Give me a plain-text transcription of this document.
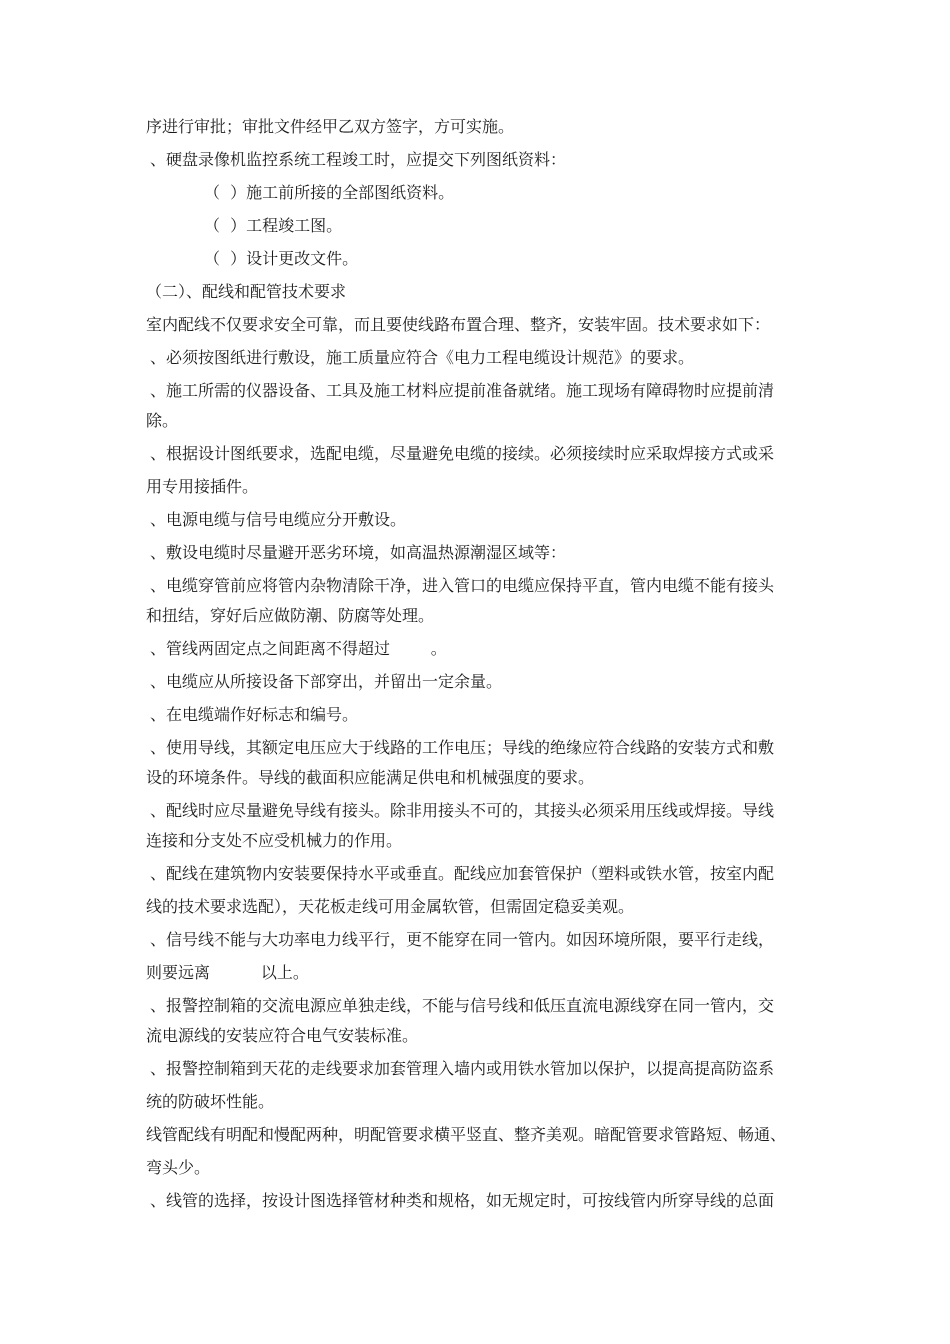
序进行审批；审批文件经甲乙双方签字，方可实施。
、硬盘录像机监控系统工程竣工时，应提交下列图纸资料：
（  ）施工前所接的全部图纸资料。
（  ）工程竣工图。
（  ）设计更改文件。
（二）、配线和配管技术要求
室内配线不仅要求安全可靠，而且要使线路布置合理、整齐，安装牢固。技术要求如下：
、必须按图纸进行敷设，施工质量应符合《电力工程电缆设计规范》的要求。
、施工所需的仪器设备、工具及施工材料应提前准备就绪。施工现场有障碍物时应提前清
除。
、根据设计图纸要求，选配电缆，尽量避免电缆的接续。必须接续时应采取焊接方式或采
用专用接插件。
、电源电缆与信号电缆应分开敷设。
、敷设电缆时尽量避开恶劣环境，如高温热源潮湿区域等：
、电缆穿管前应将管内杂物清除干净，进入管口的电缆应保持平直，管内电缆不能有接头
和扭结，穿好后应做防潮、防腐等处理。
、管线两固定点之间距离不得超过        。
、电缆应从所接设备下部穿出，并留出一定余量。
、在电缆端作好标志和编号。
、使用导线，其额定电压应大于线路的工作电压；导线的绝缘应符合线路的安装方式和敷
设的环境条件。导线的截面积应能满足供电和机械强度的要求。
、配线时应尽量避免导线有接头。除非用接头不可的，其接头必须采用压线或焊接。导线
连接和分支处不应受机械力的作用。
、配线在建筑物内安装要保持水平或垂直。配线应加套管保护（塑料或铁水管，按室内配
线的技术要求选配），天花板走线可用金属软管，但需固定稳妥美观。
、信号线不能与大功率电力线平行，更不能穿在同一管内。如因环境所限，要平行走线，
则要远离          以上。
、报警控制箱的交流电源应单独走线，不能与信号线和低压直流电源线穿在同一管内，交
流电源线的安装应符合电气安装标准。
、报警控制箱到天花的走线要求加套管理入墙内或用铁水管加以保护，以提高提高防盗系
统的防破坏性能。
线管配线有明配和慢配两种，明配管要求横平竖直、整齐美观。暗配管要求管路短、畅通、
弯头少。
、线管的选择，按设计图选择管材种类和规格，如无规定时，可按线管内所穿导线的总面
